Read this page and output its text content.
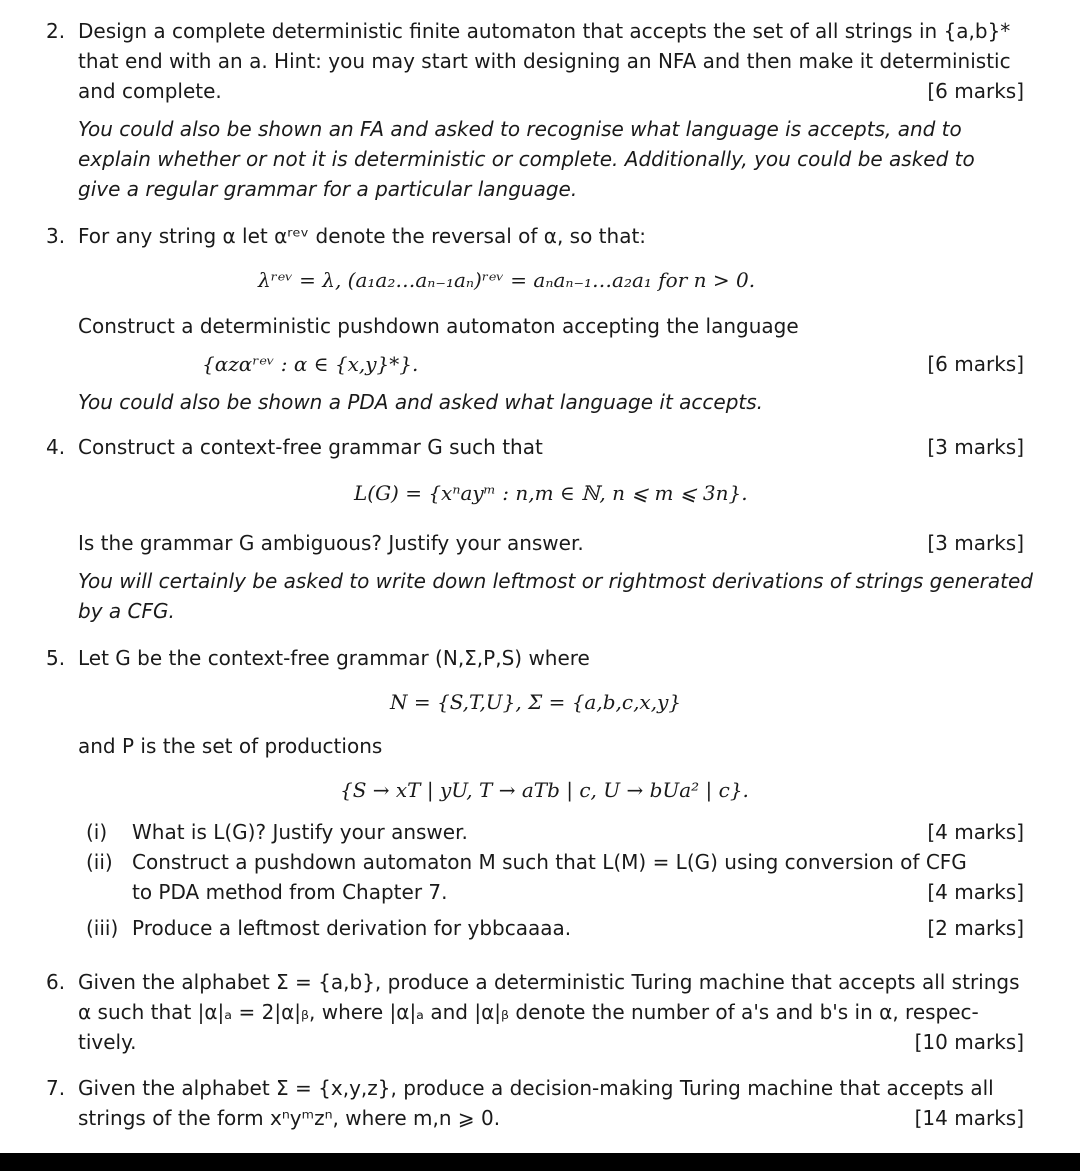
2. Design a complete deterministic finite automaton that accepts the set of all strings in {a,b}*
that end with an a. Hint: you may start with designing an NFA and then make it deterministic
and complete.	[6 marks]
You could also be shown an FA and asked to recognise what language is accepts, and to
explain whether or not it is deterministic or complete. Additionally, you could be asked to
give a regular grammar for a particular language.
3. For any string α let αʳᵉᵛ denote the reversal of α, so that:
λʳᵉᵛ = λ, (a₁a₂…aₙ₋₁aₙ)ʳᵉᵛ = aₙaₙ₋₁…a₂a₁ for n > 0.
Construct a deterministic pushdown automaton accepting the language
{αzαʳᵉᵛ : α ∈ {x,y}*}.	[6 marks]
You could also be shown a PDA and asked what language it accepts.
4. Construct a context-free grammar G such that	[3 marks]
L(G) = {xⁿayᵐ : n,m ∈ ℕ, n ⩽ m ⩽ 3n}.
Is the grammar G ambiguous? Justify your answer.	[3 marks]
You will certainly be asked to write down leftmost or rightmost derivations of strings generated
by a CFG.
5. Let G be the context-free grammar (N,Σ,P,S) where
N = {S,T,U}, Σ = {a,b,c,x,y}
and P is the set of productions
{S → xT | yU, T → aTb | c, U → bUa² | c}.
(i) What is L(G)? Justify your answer.	[4 marks]
(ii) Construct a pushdown automaton M such that L(M) = L(G) using conversion of CFG
to PDA method from Chapter 7.	[4 marks]
(iii) Produce a leftmost derivation for ybbcaaaa.	[2 marks]
6. Given the alphabet Σ = {a,b}, produce a deterministic Turing machine that accepts all strings
α such that |α|ₐ = 2|α|ᵦ, where |α|ₐ and |α|ᵦ denote the number of a's and b's in α, respec-
tively.	[10 marks]
7. Given the alphabet Σ = {x,y,z}, produce a decision-making Turing machine that accepts all
strings of the form xⁿyᵐzⁿ, where m,n ⩾ 0.	[14 marks]
